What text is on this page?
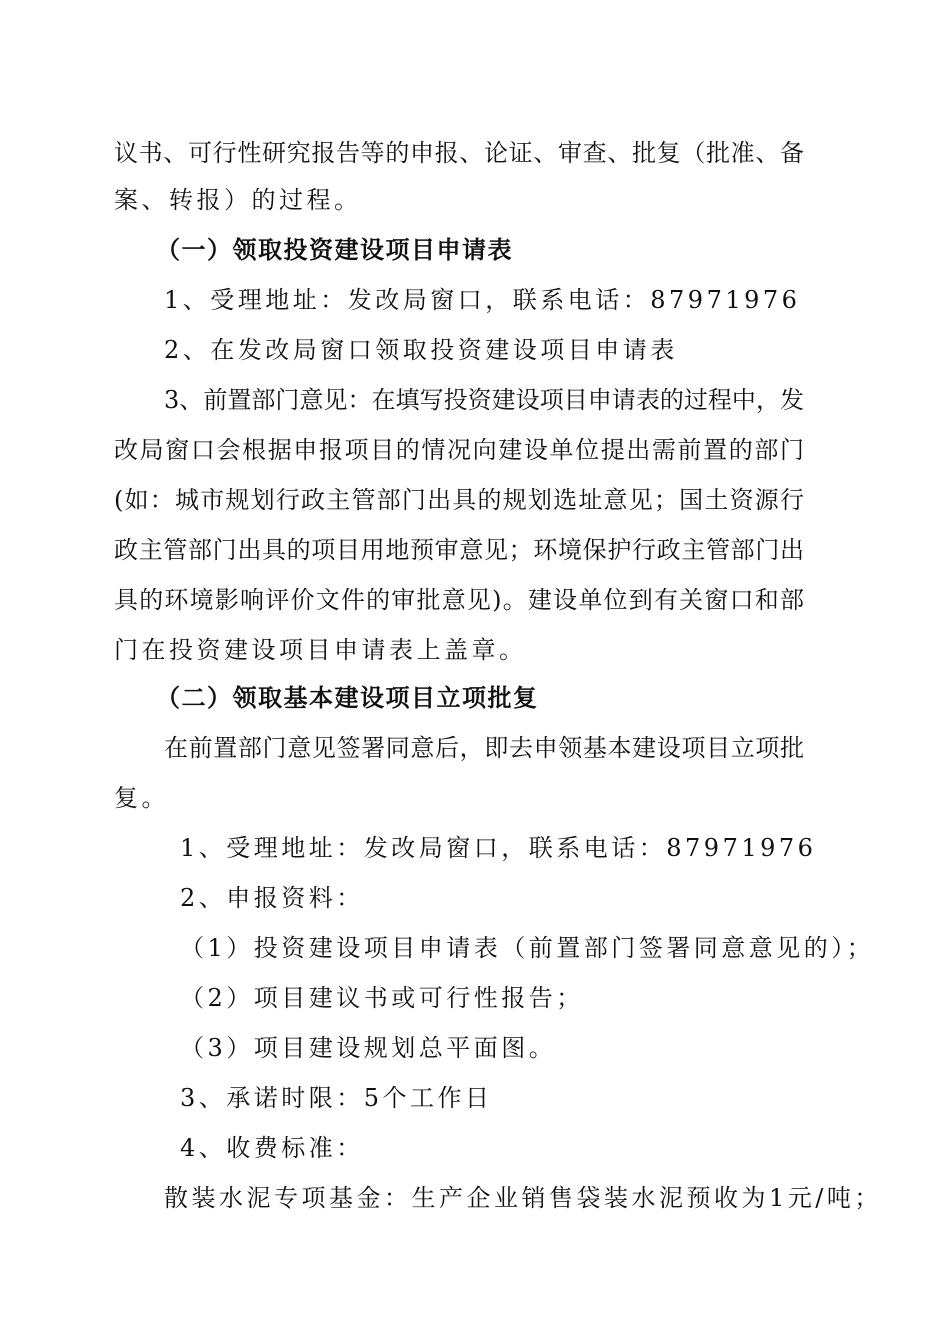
议书、可行性研究报告等的申报、论证、审查、批复（批准、备
案、转报）的过程。
（一）领取投资建设项目申请表
1、受理地址：发改局窗口，联系电话：87971976
2、在发改局窗口领取投资建设项目申请表
3、前置部门意见：在填写投资建设项目申请表的过程中，发
改局窗口会根据申报项目的情况向建设单位提出需前置的部门
(如：城市规划行政主管部门出具的规划选址意见；国土资源行
政主管部门出具的项目用地预审意见；环境保护行政主管部门出
具的环境影响评价文件的审批意见)。建设单位到有关窗口和部
门在投资建设项目申请表上盖章。
（二）领取基本建设项目立项批复
在前置部门意见签署同意后，即去申领基本建设项目立项批
复。
1、受理地址：发改局窗口，联系电话：87971976
2、申报资料：
（1）投资建设项目申请表（前置部门签署同意意见的）；
（2）项目建议书或可行性报告；
（3）项目建设规划总平面图。
3、承诺时限：5个工作日
4、收费标准：
散装水泥专项基金：生产企业销售袋装水泥预收为1元/吨；
